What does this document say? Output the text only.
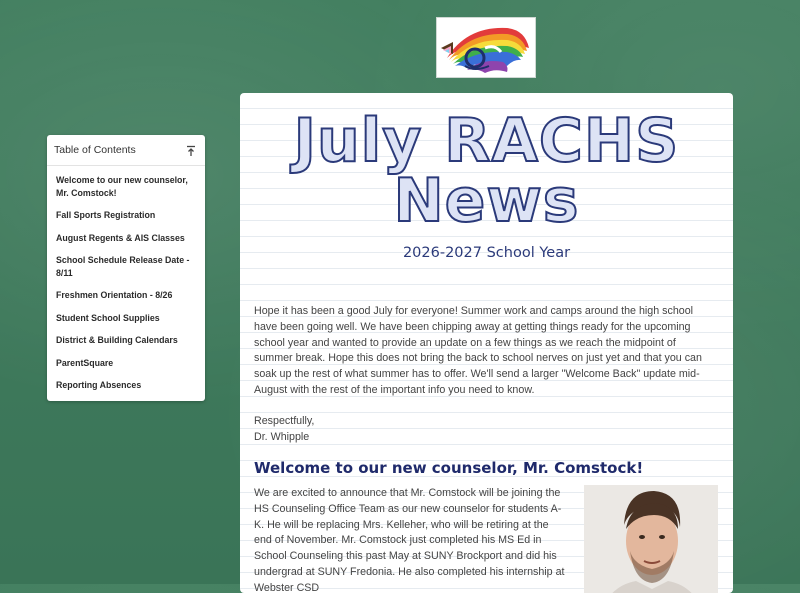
Table of Contents
Welcome to our new counselor, Mr. Comstock!
Fall Sports Registration
August Regents & AIS Classes
School Schedule Release Date - 8/11
Freshmen Orientation - 8/26
Student School Supplies
District & Building Calendars
ParentSquare
Reporting Absences
July RACHS
News
2026-2027 School Year
Hope it has been a good July for everyone! Summer work and camps around the high school have been going well. We have been chipping away at getting things ready for the upcoming school year and wanted to provide an update on a few things as we reach the midpoint of summer break. Hope this does not bring the back to school nerves on just yet and that you can soak up the rest of what summer has to offer. We'll send a larger "Welcome Back" update mid-August with the rest of the important info you need to know.
Respectfully,
Dr. Whipple
Welcome to our new counselor, Mr. Comstock!
We are excited to announce that Mr. Comstock will be joining the HS Counseling Office Team as our new counselor for students A-K. He will be replacing Mrs. Kelleher, who will be retiring at the end of November. Mr. Comstock just completed his MS Ed in School Counseling this past May at SUNY Brockport and did his undergrad at SUNY Fredonia. He also completed his internship at Webster CSD
